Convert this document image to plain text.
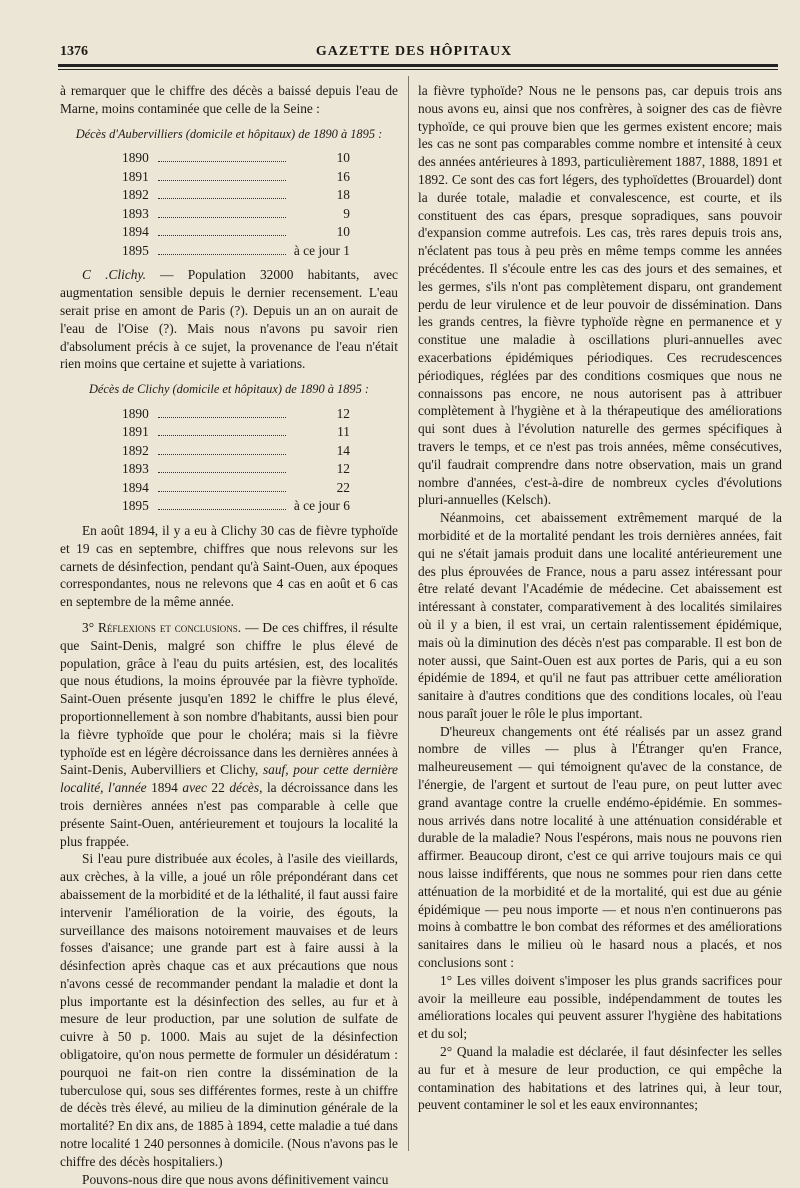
1376	GAZETTE DES HÔPITAUX

à remarquer que le chiffre des décès a baissé depuis l'eau de Marne, moins contaminée que celle de la Seine :

Décès d'Aubervilliers (domicile et hôpitaux) de 1890 à 1895 :
1890	10
1891	16
1892	18
1893	9
1894	10
1895	à ce jour 1

C .Clichy. — Population 32000 habitants, avec augmentation sensible depuis le dernier recensement. L'eau serait prise en amont de Paris (?). Depuis un an on aurait de l'eau de l'Oise (?). Mais nous n'avons pu savoir rien d'absolument précis à ce sujet, la provenance de l'eau n'était rien moins que certaine et sujette à variations.

Décès de Clichy (domicile et hôpitaux) de 1890 à 1895 :
1890	12
1891	11
1892	14
1893	12
1894	22
1895	à ce jour 6

En août 1894, il y a eu à Clichy 30 cas de fièvre typhoïde et 19 cas en septembre, chiffres que nous relevons sur les carnets de désinfection, pendant qu'à Saint-Ouen, aux époques correspondantes, nous ne relevons que 4 cas en août et 6 cas en septembre de la même année.

3° Réflexions et conclusions. — De ces chiffres, il résulte que Saint-Denis, malgré son chiffre le plus élevé de population, grâce à l'eau du puits artésien, est, des localités que nous étudions, la moins éprouvée par la fièvre typhoïde. Saint-Ouen présente jusqu'en 1892 le chiffre le plus élevé, proportionnellement à son nombre d'habitants, aussi bien pour la fièvre typhoïde que pour le choléra; mais si la fièvre typhoïde est en légère décroissance dans les dernières années à Saint-Denis, Aubervilliers et Clichy, sauf, pour cette dernière localité, l'année 1894 avec 22 décès, la décroissance dans les trois dernières années n'est pas comparable à celle que présente Saint-Ouen, antérieurement et toujours la localité la plus frappée.

Si l'eau pure distribuée aux écoles, à l'asile des vieillards, aux crèches, à la ville, a joué un rôle prépondérant dans cet abaissement de la morbidité et de la léthalité, il faut aussi faire intervenir l'amélioration de la voirie, des égouts, la surveillance des maisons notoirement mauvaises et de leurs fosses d'aisance; une grande part est à faire aussi à la désinfection après chaque cas et aux précautions que nous n'avons cessé de recommander pendant la maladie et dont la plus importante est la désinfection des selles, au fur et à mesure de leur production, par une solution de sulfate de cuivre à 50 p. 1000. Mais au sujet de la désinfection obligatoire, qu'on nous permette de formuler un désidératum : pourquoi ne fait-on rien contre la dissémination de la tuberculose qui, sous ses différentes formes, reste à un chiffre de décès très élevé, au milieu de la diminution générale de la mortalité? En dix ans, de 1885 à 1894, cette maladie a tué dans notre localité 1 240 personnes à domicile. (Nous n'avons pas le chiffre des décès hospitaliers.)

Pouvons-nous dire que nous avons définitivement vaincu

la fièvre typhoïde? Nous ne le pensons pas, car depuis trois ans nous avons eu, ainsi que nos confrères, à soigner des cas de fièvre typhoïde, ce qui prouve bien que les germes existent encore; mais les cas ne sont pas comparables comme nombre et intensité à ceux des années antérieures à 1893, particulièrement 1887, 1888, 1891 et 1892. Ce sont des cas fort légers, des typhoïdettes (Brouardel) dont la durée totale, maladie et convalescence, est courte, et ils constituent des cas épars, presque sopradiques, sans pouvoir d'expansion comme autrefois. Les cas, très rares depuis trois ans, n'éclatent pas tous à peu près en même temps comme les années précédentes. Il s'écoule entre les cas des jours et des semaines, et les germes, s'ils n'ont pas complètement disparu, ont grandement perdu de leur virulence et de leur pouvoir de dissémination. Dans les grands centres, la fièvre typhoïde règne en permanence et y constitue une maladie à oscillations pluri-annuelles avec exacerbations épidémiques périodiques. Ces recrudescences périodiques, réglées par des conditions cosmiques que nous ne connaissons pas encore, ne nous autorisent pas à attribuer complètement à l'hygiène et à la thérapeutique des améliorations qui sont dues à l'évolution naturelle des germes spécifiques à travers le temps, et ce n'est pas trois années, même consécutives, qu'il faudrait comprendre dans notre observation, mais un grand nombre d'années, c'est-à-dire de nombreux cycles d'évolutions pluri-annuelles (Kelsch).

Néanmoins, cet abaissement extrêmement marqué de la morbidité et de la mortalité pendant les trois dernières années, fait qui ne s'était jamais produit dans une localité antérieurement une des plus éprouvées de France, nous a paru assez intéressant pour être relaté devant l'Académie de médecine. Cet abaissement est intéressant à constater, comparativement à des localités similaires où il y a bien, il est vrai, un certain ralentissement épidémique, mais où la diminution des décès n'est pas comparable. Il est bon de noter aussi, que Saint-Ouen est aux portes de Paris, qui a eu son épidémie de 1894, et qu'il ne faut pas attribuer cette amélioration sanitaire à d'autres conditions que des conditions locales, où l'eau nous paraît jouer le rôle le plus important.

D'heureux changements ont été réalisés par un assez grand nombre de villes — plus à l'Étranger qu'en France, malheureusement — qui témoignent qu'avec de la constance, de l'énergie, de l'argent et surtout de l'eau pure, on peut lutter avec grand avantage contre la cruelle endémo-épidémie. En sommes-nous arrivés dans notre localité à une atténuation considérable et durable de la maladie? Nous l'espérons, mais nous ne pouvons rien affirmer. Beaucoup diront, c'est ce qui arrive toujours mais ce qui nous laisse indifférents, que nous ne sommes pour rien dans cette atténuation de la morbidité et de la mortalité, qui est due au génie épidémique — peu nous importe — et nous n'en continuerons pas moins à combattre le bon combat des réformes et des améliorations sanitaires dans le milieu où le hasard nous a placés, et nos conclusions sont :

1° Les villes doivent s'imposer les plus grands sacrifices pour avoir la meilleure eau possible, indépendamment de toutes les améliorations locales qui peuvent assurer l'hygiène des habitations et du sol;

2° Quand la maladie est déclarée, il faut désinfecter les selles au fur et à mesure de leur production, ce qui empêche la contamination des habitations et des latrines qui, à leur tour, peuvent contaminer le sol et les eaux environnantes;
